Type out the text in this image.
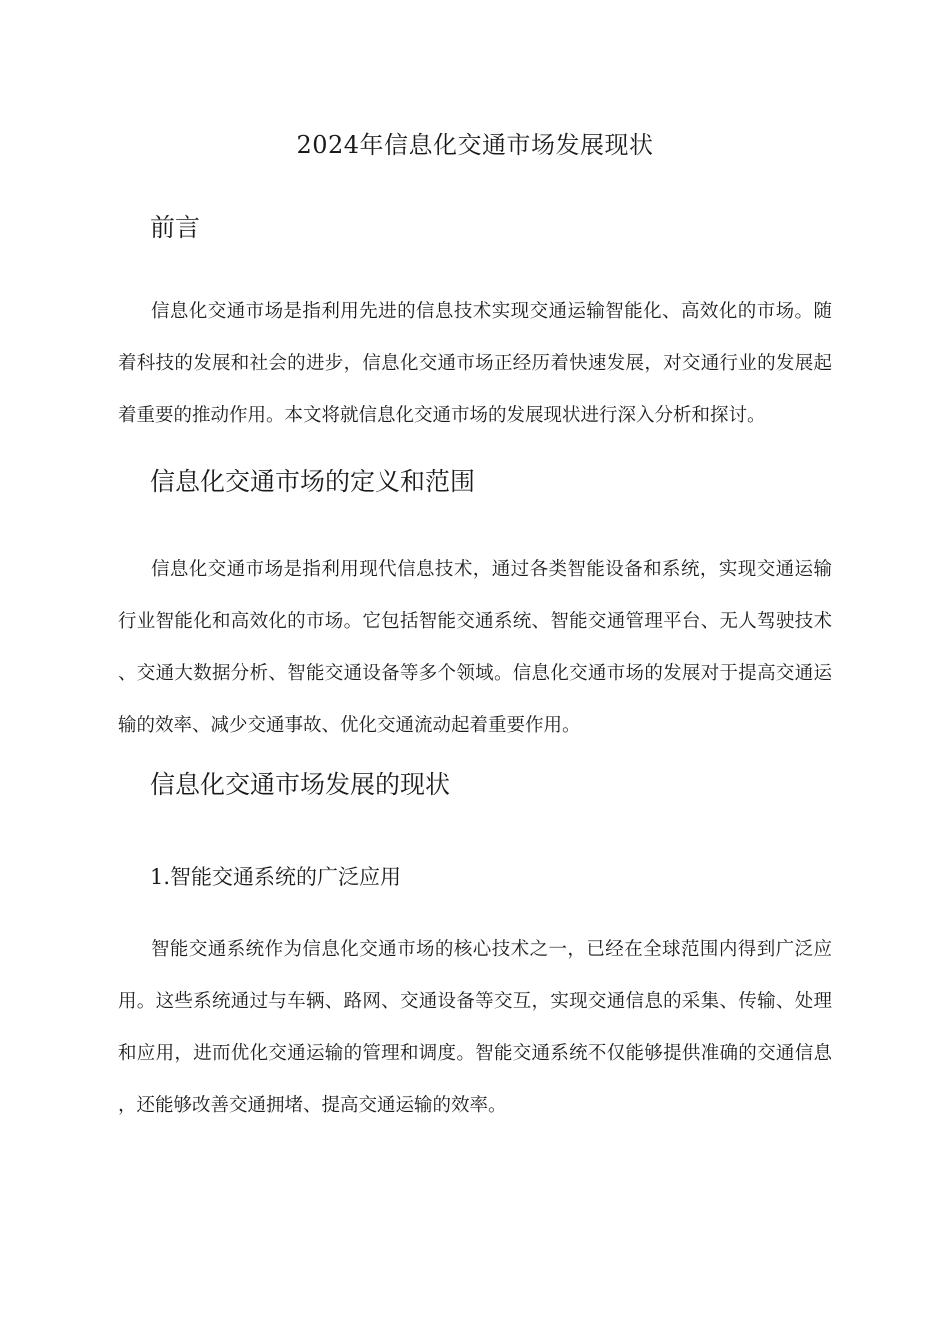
2024年信息化交通市场发展现状
前言

信息化交通市场是指利用先进的信息技术实现交通运输智能化、高效化的市场。随着科技的发展和社会的进步，信息化交通市场正经历着快速发展，对交通行业的发展起着重要的推动作用。本文将就信息化交通市场的发展现状进行深入分析和探讨。

信息化交通市场的定义和范围

信息化交通市场是指利用现代信息技术，通过各类智能设备和系统，实现交通运输行业智能化和高效化的市场。它包括智能交通系统、智能交通管理平台、无人驾驶技术、交通大数据分析、智能交通设备等多个领域。信息化交通市场的发展对于提高交通运输的效率、减少交通事故、优化交通流动起着重要作用。

信息化交通市场发展的现状
1.智能交通系统的广泛应用

智能交通系统作为信息化交通市场的核心技术之一，已经在全球范围内得到广泛应用。这些系统通过与车辆、路网、交通设备等交互，实现交通信息的采集、传输、处理和应用，进而优化交通运输的管理和调度。智能交通系统不仅能够提供准确的交通信息，还能够改善交通拥堵、提高交通运输的效率。
